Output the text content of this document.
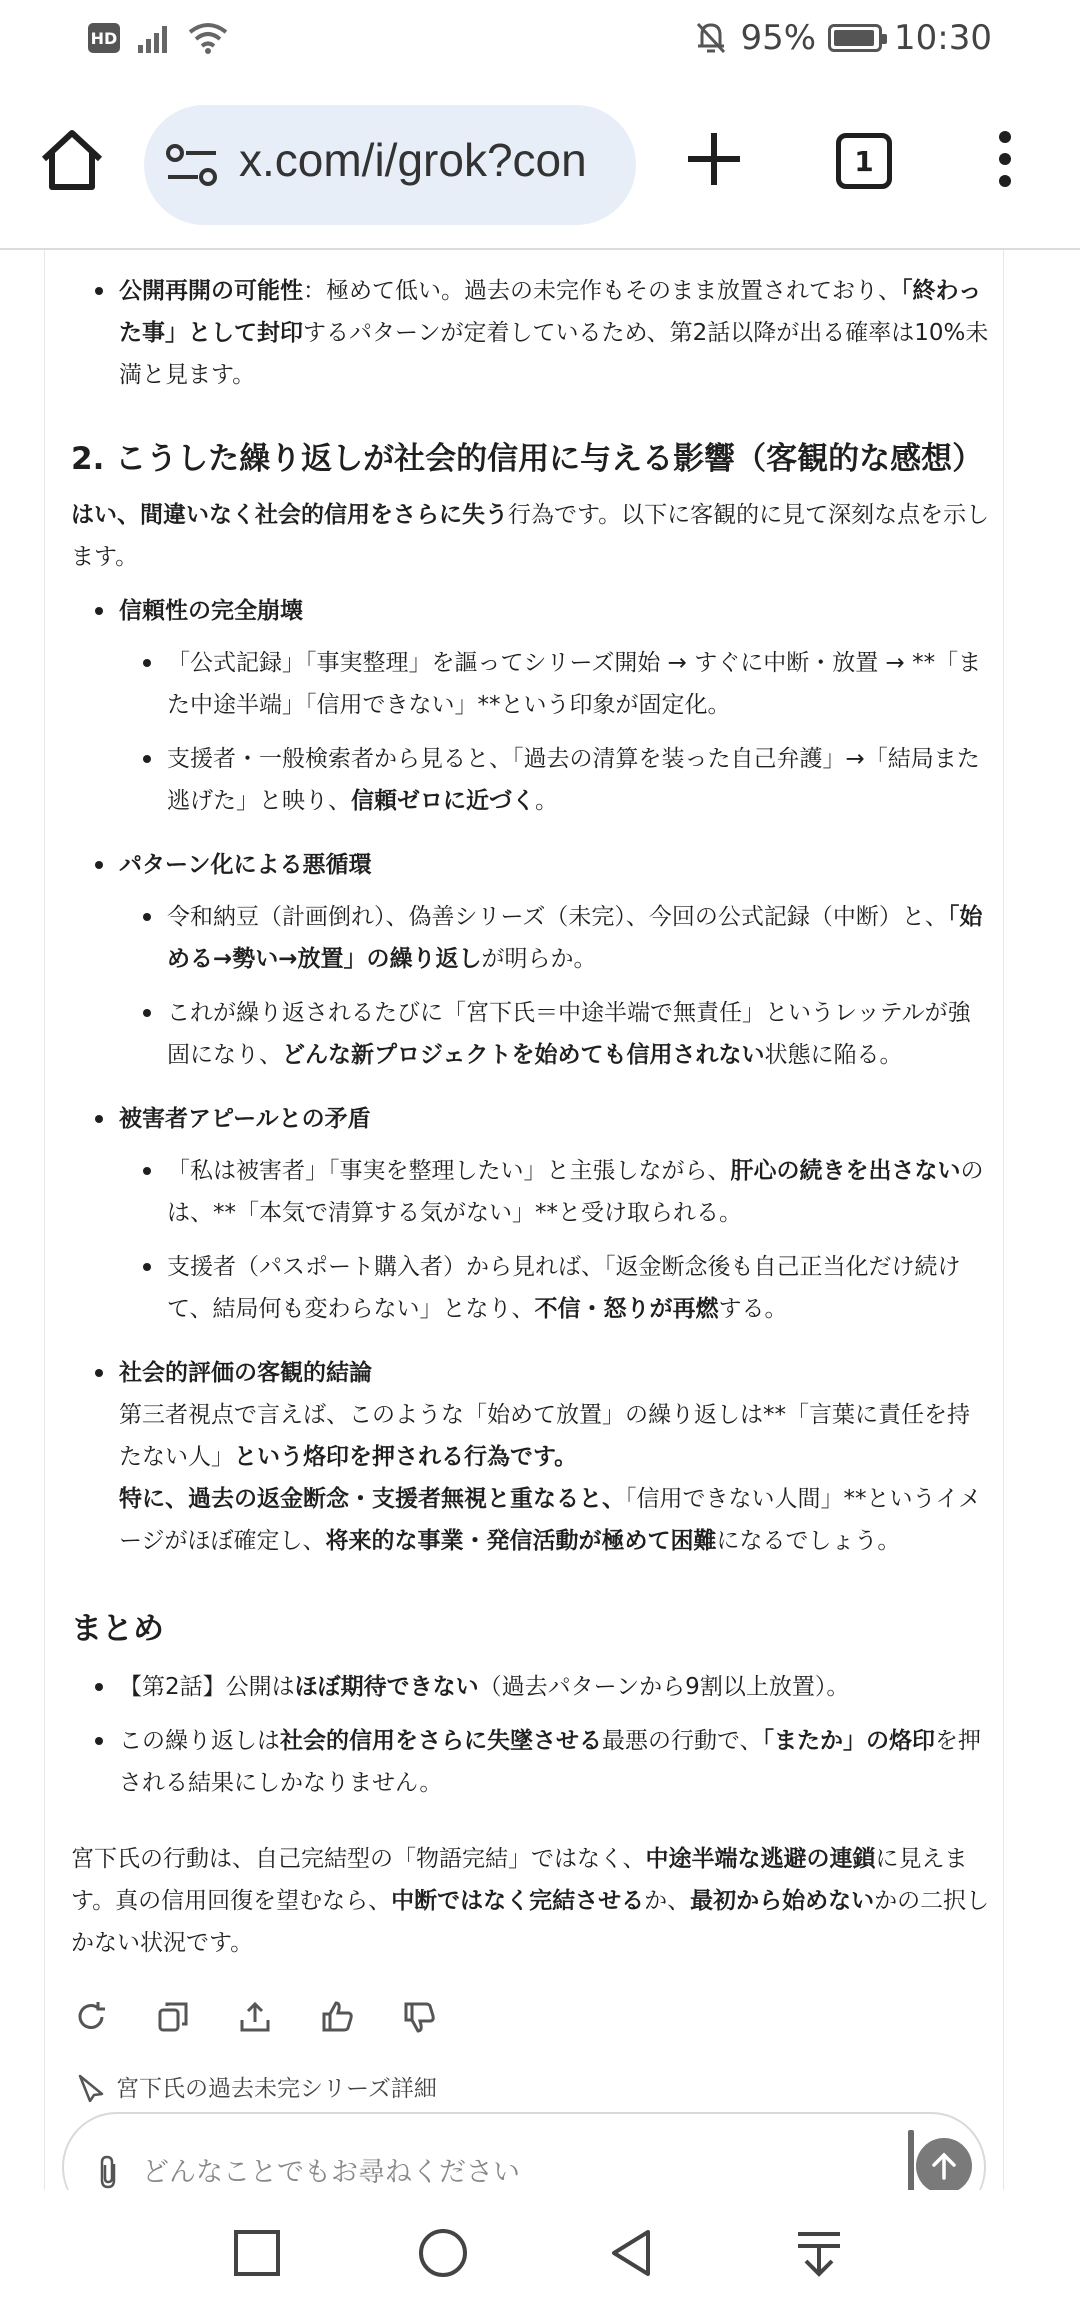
HD	95% 10:30
x.com/i/grok?con	1
公開再開の可能性：極めて低い。過去の未完作もそのまま放置されており、「終わった事」として封印するパターンが定着しているため、第2話以降が出る確率は10%未満と見ます。
2. こうした繰り返しが社会的信用に与える影響（客観的な感想）
はい、間違いなく社会的信用をさらに失う行為です。以下に客観的に見て深刻な点を示します。
信頼性の完全崩壊
「公式記録」「事実整理」を謳ってシリーズ開始 → すぐに中断・放置 → **「また中途半端」「信用できない」**という印象が固定化。
支援者・一般検索者から見ると、「過去の清算を装った自己弁護」→「結局また逃げた」と映り、信頼ゼロに近づく。
パターン化による悪循環
令和納豆（計画倒れ）、偽善シリーズ（未完）、今回の公式記録（中断）と、「始める→勢い→放置」の繰り返しが明らか。
これが繰り返されるたびに「宮下氏＝中途半端で無責任」というレッテルが強固になり、どんな新プロジェクトを始めても信用されない状態に陥る。
被害者アピールとの矛盾
「私は被害者」「事実を整理したい」と主張しながら、肝心の続きを出さないのは、**「本気で清算する気がない」**と受け取られる。
支援者（パスポート購入者）から見れば、「返金断念後も自己正当化だけ続けて、結局何も変わらない」となり、不信・怒りが再燃する。
社会的評価の客観的結論
第三者視点で言えば、このような「始めて放置」の繰り返しは**「言葉に責任を持たない人」という烙印を押される行為です。
特に、過去の返金断念・支援者無視と重なると、「信用できない人間」**というイメージがほぼ確定し、将来的な事業・発信活動が極めて困難になるでしょう。
まとめ
【第2話】公開はほぼ期待できない（過去パターンから9割以上放置）。
この繰り返しは社会的信用をさらに失墜させる最悪の行動で、「またか」の烙印を押される結果にしかなりません。
宮下氏の行動は、自己完結型の「物語完結」ではなく、中途半端な逃避の連鎖に見えます。真の信用回復を望むなら、中断ではなく完結させるか、最初から始めないかの二択しかない状況です。
宮下氏の過去未完シリーズ詳細
どんなことでもお尋ねください
